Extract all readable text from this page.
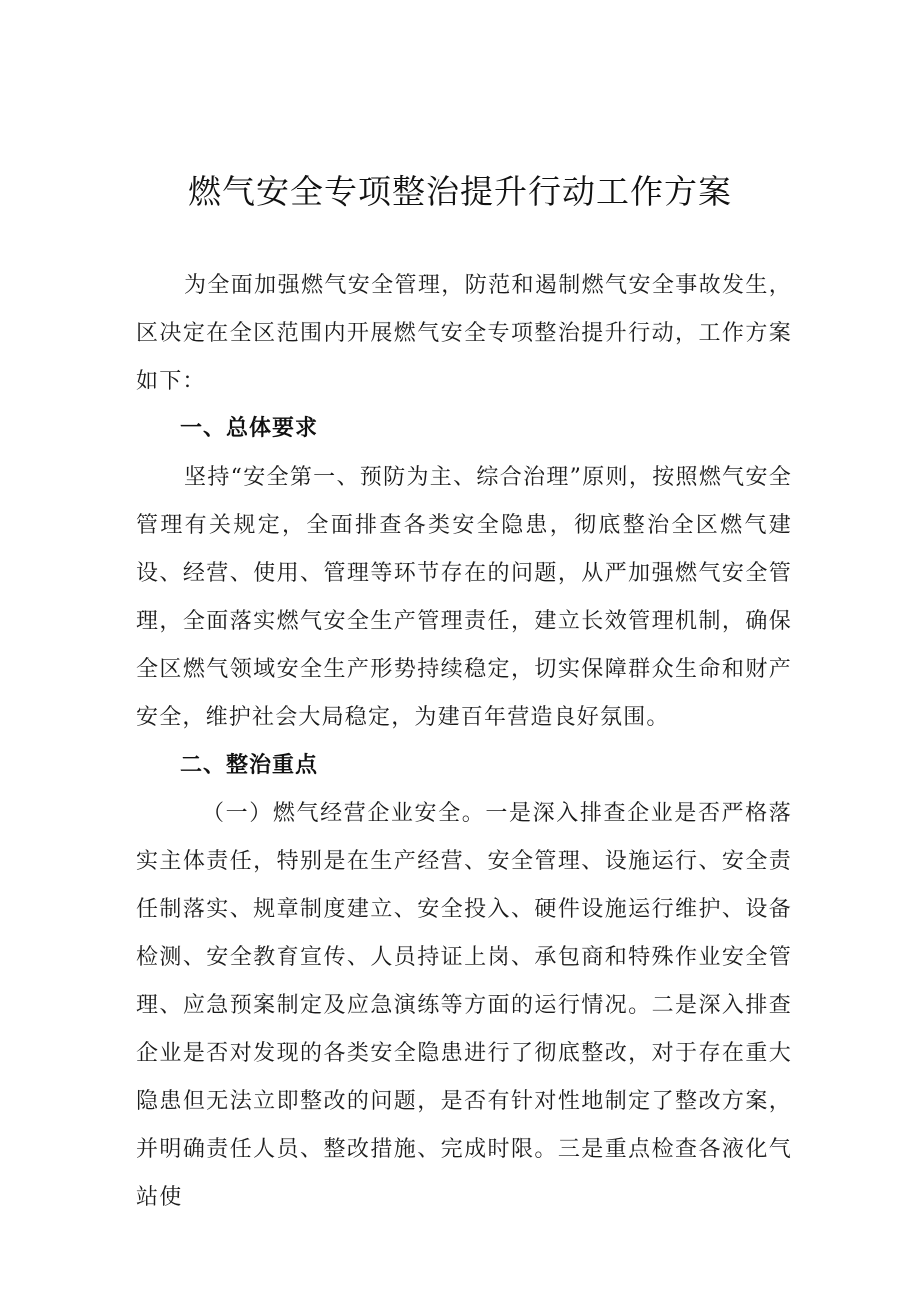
燃气安全专项整治提升行动工作方案

为全面加强燃气安全管理，防范和遏制燃气安全事故发生，区决定在全区范围内开展燃气安全专项整治提升行动，工作方案如下：

一、总体要求

坚持“安全第一、预防为主、综合治理”原则，按照燃气安全管理有关规定，全面排查各类安全隐患，彻底整治全区燃气建设、经营、使用、管理等环节存在的问题，从严加强燃气安全管理，全面落实燃气安全生产管理责任，建立长效管理机制，确保全区燃气领域安全生产形势持续稳定，切实保障群众生命和财产安全，维护社会大局稳定，为建百年营造良好氛围。

二、整治重点

（一）燃气经营企业安全。一是深入排查企业是否严格落实主体责任，特别是在生产经营、安全管理、设施运行、安全责任制落实、规章制度建立、安全投入、硬件设施运行维护、设备检测、安全教育宣传、人员持证上岗、承包商和特殊作业安全管理、应急预案制定及应急演练等方面的运行情况。二是深入排查企业是否对发现的各类安全隐患进行了彻底整改，对于存在重大隐患但无法立即整改的问题，是否有针对性地制定了整改方案，并明确责任人员、整改措施、完成时限。三是重点检查各液化气站使
